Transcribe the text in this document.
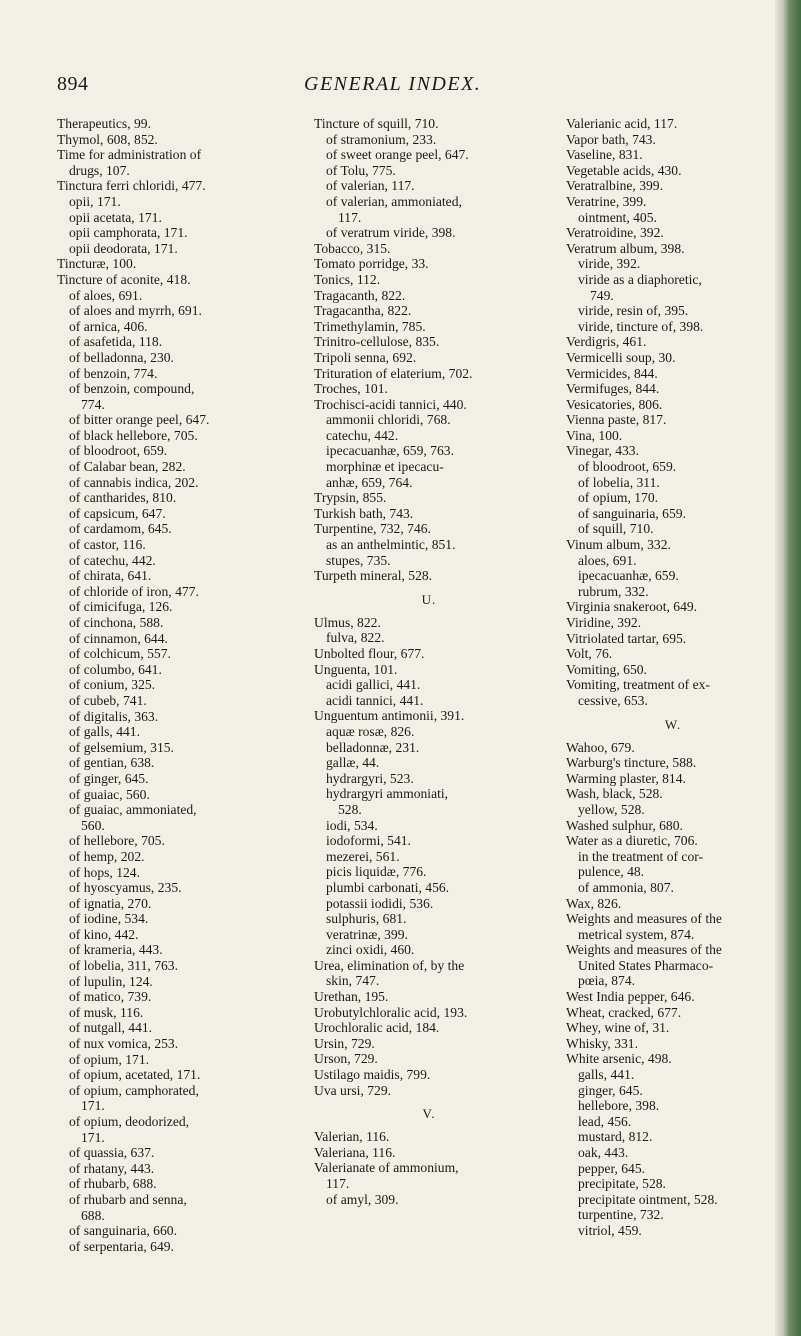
894	GENERAL INDEX.
Therapeutics, 99.
Thymol, 608, 852.
Time for administration of
drugs, 107.
Tinctura ferri chloridi, 477.
opii, 171.
opii acetata, 171.
opii camphorata, 171.
opii deodorata, 171.
Tincturæ, 100.
Tincture of aconite, 418.
of aloes, 691.
of aloes and myrrh, 691.
of arnica, 406.
of asafetida, 118.
of belladonna, 230.
of benzoin, 774.
of benzoin, compound,
774.
of bitter orange peel, 647.
of black hellebore, 705.
of bloodroot, 659.
of Calabar bean, 282.
of cannabis indica, 202.
of cantharides, 810.
of capsicum, 647.
of cardamom, 645.
of castor, 116.
of catechu, 442.
of chirata, 641.
of chloride of iron, 477.
of cimicifuga, 126.
of cinchona, 588.
of cinnamon, 644.
of colchicum, 557.
of columbo, 641.
of conium, 325.
of cubeb, 741.
of digitalis, 363.
of galls, 441.
of gelsemium, 315.
of gentian, 638.
of ginger, 645.
of guaiac, 560.
of guaiac, ammoniated,
560.
of hellebore, 705.
of hemp, 202.
of hops, 124.
of hyoscyamus, 235.
of ignatia, 270.
of iodine, 534.
of kino, 442.
of krameria, 443.
of lobelia, 311, 763.
of lupulin, 124.
of matico, 739.
of musk, 116.
of nutgall, 441.
of nux vomica, 253.
of opium, 171.
of opium, acetated, 171.
of opium, camphorated,
171.
of opium, deodorized,
171.
of quassia, 637.
of rhatany, 443.
of rhubarb, 688.
of rhubarb and senna,
688.
of sanguinaria, 660.
of serpentaria, 649.
Tincture of squill, 710.
of stramonium, 233.
of sweet orange peel, 647.
of Tolu, 775.
of valerian, 117.
of valerian, ammoniated,
117.
of veratrum viride, 398.
Tobacco, 315.
Tomato porridge, 33.
Tonics, 112.
Tragacanth, 822.
Tragacantha, 822.
Trimethylamin, 785.
Trinitro-cellulose, 835.
Tripoli senna, 692.
Trituration of elaterium, 702.
Troches, 101.
Trochisci-acidi tannici, 440.
ammonii chloridi, 768.
catechu, 442.
ipecacuanhæ, 659, 763.
morphinæ et ipecacu-
anhæ, 659, 764.
Trypsin, 855.
Turkish bath, 743.
Turpentine, 732, 746.
as an anthelmintic, 851.
stupes, 735.
Turpeth mineral, 528.
U.
Ulmus, 822.
fulva, 822.
Unbolted flour, 677.
Unguenta, 101.
acidi gallici, 441.
acidi tannici, 441.
Unguentum antimonii, 391.
aquæ rosæ, 826.
belladonnæ, 231.
gallæ, 44.
hydrargyri, 523.
hydrargyri ammoniati,
528.
iodi, 534.
iodoformi, 541.
mezerei, 561.
picis liquidæ, 776.
plumbi carbonati, 456.
potassii iodidi, 536.
sulphuris, 681.
veratrinæ, 399.
zinci oxidi, 460.
Urea, elimination of, by the
skin, 747.
Urethan, 195.
Urobutylchloralic acid, 193.
Urochloralic acid, 184.
Ursin, 729.
Urson, 729.
Ustilago maidis, 799.
Uva ursi, 729.
V.
Valerian, 116.
Valeriana, 116.
Valerianate of ammonium,
117.
of amyl, 309.
Valerianic acid, 117.
Vapor bath, 743.
Vaseline, 831.
Vegetable acids, 430.
Veratralbine, 399.
Veratrine, 399.
ointment, 405.
Veratroidine, 392.
Veratrum album, 398.
viride, 392.
viride as a diaphoretic,
749.
viride, resin of, 395.
viride, tincture of, 398.
Verdigris, 461.
Vermicelli soup, 30.
Vermicides, 844.
Vermifuges, 844.
Vesicatories, 806.
Vienna paste, 817.
Vina, 100.
Vinegar, 433.
of bloodroot, 659.
of lobelia, 311.
of opium, 170.
of sanguinaria, 659.
of squill, 710.
Vinum album, 332.
aloes, 691.
ipecacuanhæ, 659.
rubrum, 332.
Virginia snakeroot, 649.
Viridine, 392.
Vitriolated tartar, 695.
Volt, 76.
Vomiting, 650.
Vomiting, treatment of ex-
cessive, 653.
W.
Wahoo, 679.
Warburg's tincture, 588.
Warming plaster, 814.
Wash, black, 528.
yellow, 528.
Washed sulphur, 680.
Water as a diuretic, 706.
in the treatment of cor-
pulence, 48.
of ammonia, 807.
Wax, 826.
Weights and measures of the
metrical system, 874.
Weights and measures of the
United States Pharmaco-
pœia, 874.
West India pepper, 646.
Wheat, cracked, 677.
Whey, wine of, 31.
Whisky, 331.
White arsenic, 498.
galls, 441.
ginger, 645.
hellebore, 398.
lead, 456.
mustard, 812.
oak, 443.
pepper, 645.
precipitate, 528.
precipitate ointment, 528.
turpentine, 732.
vitriol, 459.
